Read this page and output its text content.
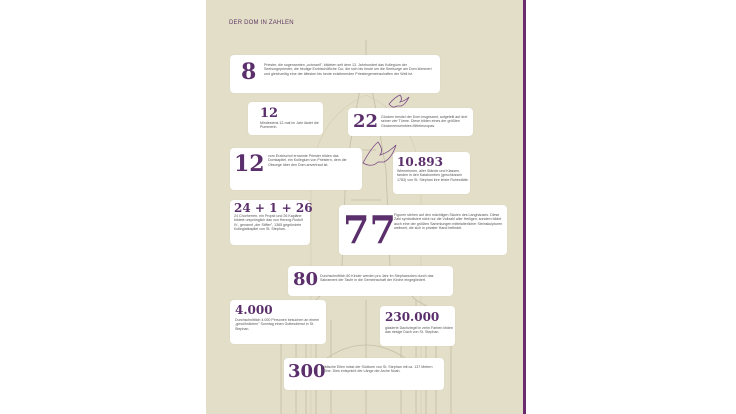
DER DOM IN ZAHLEN
8 Priester, die sogenannten „octonarii", bildeten seit dem 13. Jahrhundert das Kollegium der Seelsorgepriester, die heutige Erzbischöfliche Cur, die sich bis heute um die Seelsorge am Dom kümmert und gleichzeitig eine der ältesten bis heute existierenden Priestergemeinschaften der Welt ist.
12
Mindestens 12-mal im Jahr läutet die Pummerin.	22 Glocken besitzt der Dom insgesamt, aufgeteilt auf drei seiner vier Türme. Diese bilden eines der größten Glockenensembles Mitteleuropas.
12 vom Erzbischof ernannte Priester bilden das Domkapitel, ein Kollegium von Priestern, dem die Obsorge über den Dom anvertraut ist.	10.893
Wienerinnen, aller Stände und Klassen, fanden in den Katakomben (geschlossen 1783) von St. Stephan ihre letzte Ruhestätte.
24 + 1 + 26
24 Chorherren, ein Propst und 26 Kapläne bildete ursprünglich das von Herzog Rudolf IV., genannt „der Stifter", 1365 gegründete Kollegiatkapitel von St. Stephan.	77
Figuren stehen auf den mächtigen Säulen des Langhauses. Diese Zahl symbolisiert nicht nur die Vollzahl aller Heiligen, sondern bildet auch eine der größten Sammlungen mittelalterlicher Steinskulpturen weltweit, die sich in privater Hand befindet.
80 Durchschnittlich 80 Kinder werden pro Jahr im Stephansdom durch das Sakrament der Taufe in die Gemeinschaft der Kirche eingegliedert.
4.000
Durchschnittlich 4.000 Personen besuchen an einem „gewöhnlichen" Sonntag einen Gottesdienst in St. Stephan.
230.000
glasierte Dachziegel in zehn Farben bilden das riesige Dach von St. Stephan.
300
biblische Ellen misst der Südturm von St. Stephan mit ca. 137 Metern Höhe. Dies entspricht der Länge der Arche Noah.
